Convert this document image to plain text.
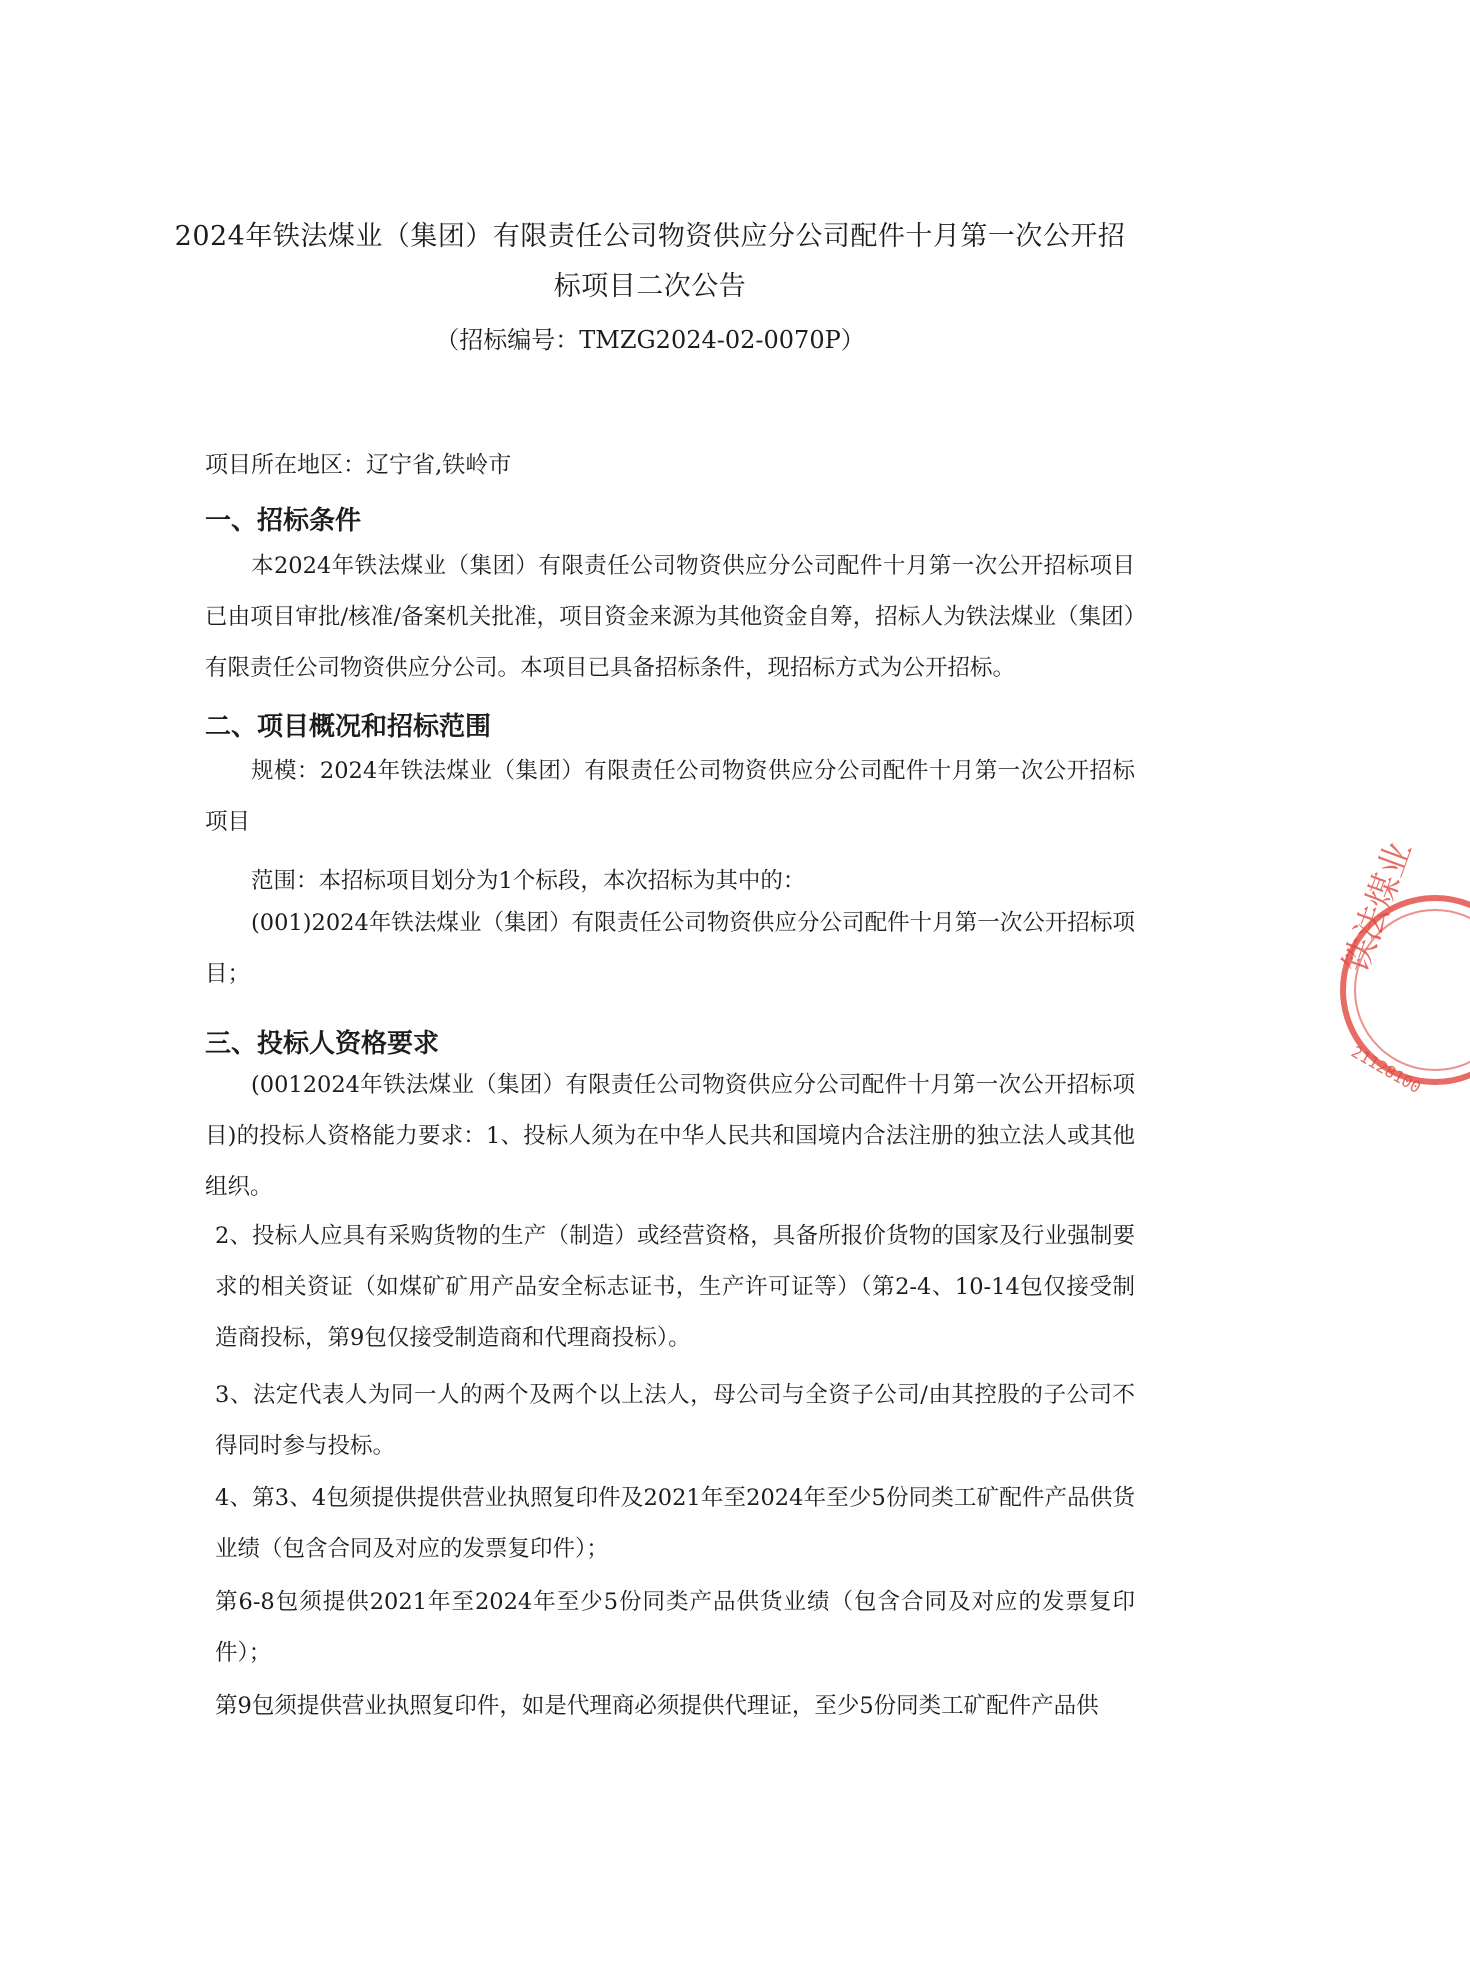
2024年铁法煤业（集团）有限责任公司物资供应分公司配件十月第一次公开招
标项目二次公告
（招标编号：TMZG2024-02-0070P）
项目所在地区：辽宁省,铁岭市
一、招标条件
本2024年铁法煤业（集团）有限责任公司物资供应分公司配件十月第一次公开招标项目已由项目审批/核准/备案机关批准，项目资金来源为其他资金自筹，招标人为铁法煤业（集团）有限责任公司物资供应分公司。本项目已具备招标条件，现招标方式为公开招标。
二、项目概况和招标范围
规模：2024年铁法煤业（集团）有限责任公司物资供应分公司配件十月第一次公开招标项目
范围：本招标项目划分为1个标段，本次招标为其中的：
(001)2024年铁法煤业（集团）有限责任公司物资供应分公司配件十月第一次公开招标项目；
三、投标人资格要求
(0012024年铁法煤业（集团）有限责任公司物资供应分公司配件十月第一次公开招标项目)的投标人资格能力要求：1、投标人须为在中华人民共和国境内合法注册的独立法人或其他组织。
2、投标人应具有采购货物的生产（制造）或经营资格，具备所报价货物的国家及行业强制要求的相关资证（如煤矿矿用产品安全标志证书，生产许可证等）（第2-4、10-14包仅接受制造商投标，第9包仅接受制造商和代理商投标）。
3、法定代表人为同一人的两个及两个以上法人，母公司与全资子公司/由其控股的子公司不得同时参与投标。
4、第3、4包须提供提供营业执照复印件及2021年至2024年至少5份同类工矿配件产品供货业绩（包含合同及对应的发票复印件）；
第6-8包须提供2021年至2024年至少5份同类产品供货业绩（包含合同及对应的发票复印件）；
第9包须提供营业执照复印件，如是代理商必须提供代理证，至少5份同类工矿配件产品供
铁法煤业
21128100
